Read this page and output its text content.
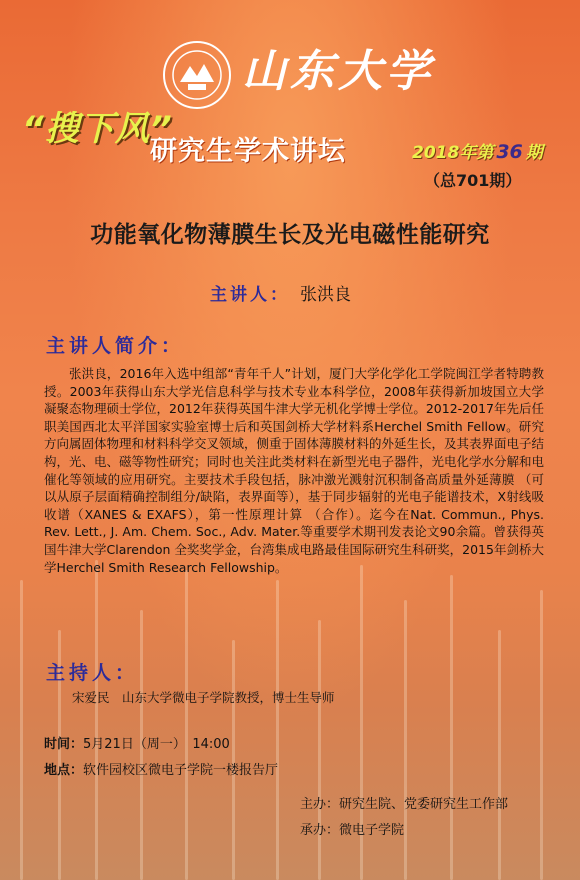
山东大学
“搜下风”
研究生学术讲坛	2018年第 36 期
（总701期）
功能氧化物薄膜生长及光电磁性能研究
主讲人： 张洪良
主讲人简介：

张洪良，2016年入选中组部“青年千人”计划，厦门大学化学化工学院闽江学者特聘教授。2003年获得山东大学光信息科学与技术专业本科学位，2008年获得新加坡国立大学凝聚态物理硕士学位，2012年获得英国牛津大学无机化学博士学位。2012-2017年先后任职美国西北太平洋国家实验室博士后和英国剑桥大学材料系Herchel Smith Fellow。研究方向属固体物理和材料科学交叉领域，侧重于固体薄膜材料的外延生长，及其表界面电子结构，光、电、磁等物性研究；同时也关注此类材料在新型光电子器件，光电化学水分解和电催化等领域的应用研究。主要技术手段包括，脉冲激光溅射沉积制备高质量外延薄膜 （可以从原子层面精确控制组分/缺陷，表界面等），基于同步辐射的光电子能谱技术，X射线吸收谱（XANES & EXAFS），第一性原理计算 （合作）。迄今在Nat. Commun., Phys. Rev. Lett., J. Am. Chem. Soc., Adv. Mater.等重要学术期刊发表论文90余篇。曾获得英国牛津大学Clarendon 全奖奖学金，台湾集成电路最佳国际研究生科研奖，2015年剑桥大学Herchel Smith Research Fellowship。

主持人：
宋爱民　山东大学微电子学院教授，博士生导师
时间：5月21日（周一）　14:00
地点：软件园校区微电子学院一楼报告厅
主办：研究生院、党委研究生工作部
承办：微电子学院
